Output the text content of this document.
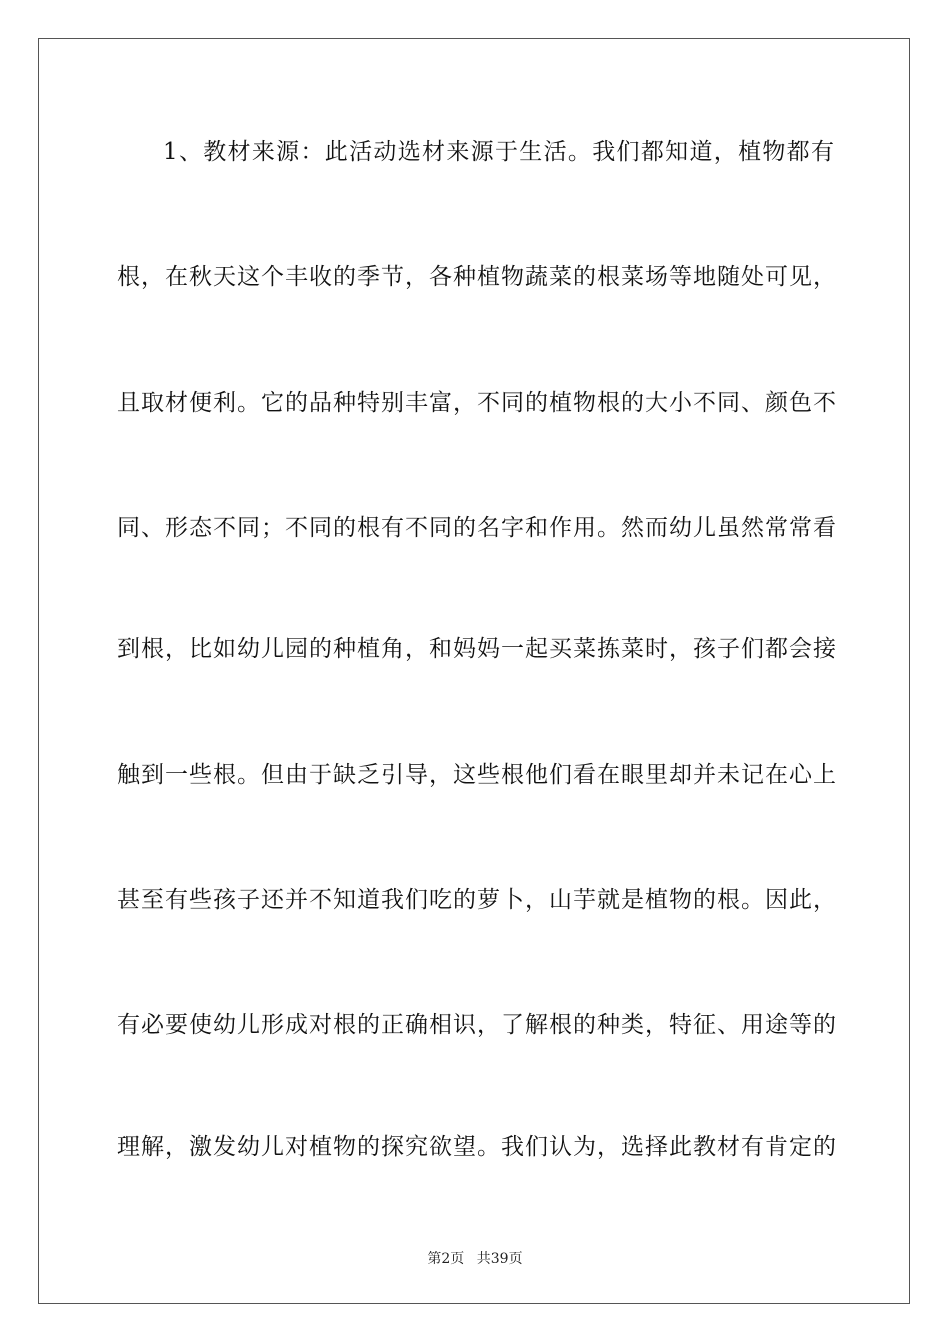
1、教材来源：此活动选材来源于生活。我们都知道，植物都有
根，在秋天这个丰收的季节，各种植物蔬菜的根菜场等地随处可见，
且取材便利。它的品种特别丰富，不同的植物根的大小不同、颜色不
同、形态不同；不同的根有不同的名字和作用。然而幼儿虽然常常看
到根，比如幼儿园的种植角，和妈妈一起买菜拣菜时，孩子们都会接
触到一些根。但由于缺乏引导，这些根他们看在眼里却并未记在心上
甚至有些孩子还并不知道我们吃的萝卜，山芋就是植物的根。因此，
有必要使幼儿形成对根的正确相识，了解根的种类，特征、用途等的
理解，激发幼儿对植物的探究欲望。我们认为，选择此教材有肯定的
第2页 共39页
